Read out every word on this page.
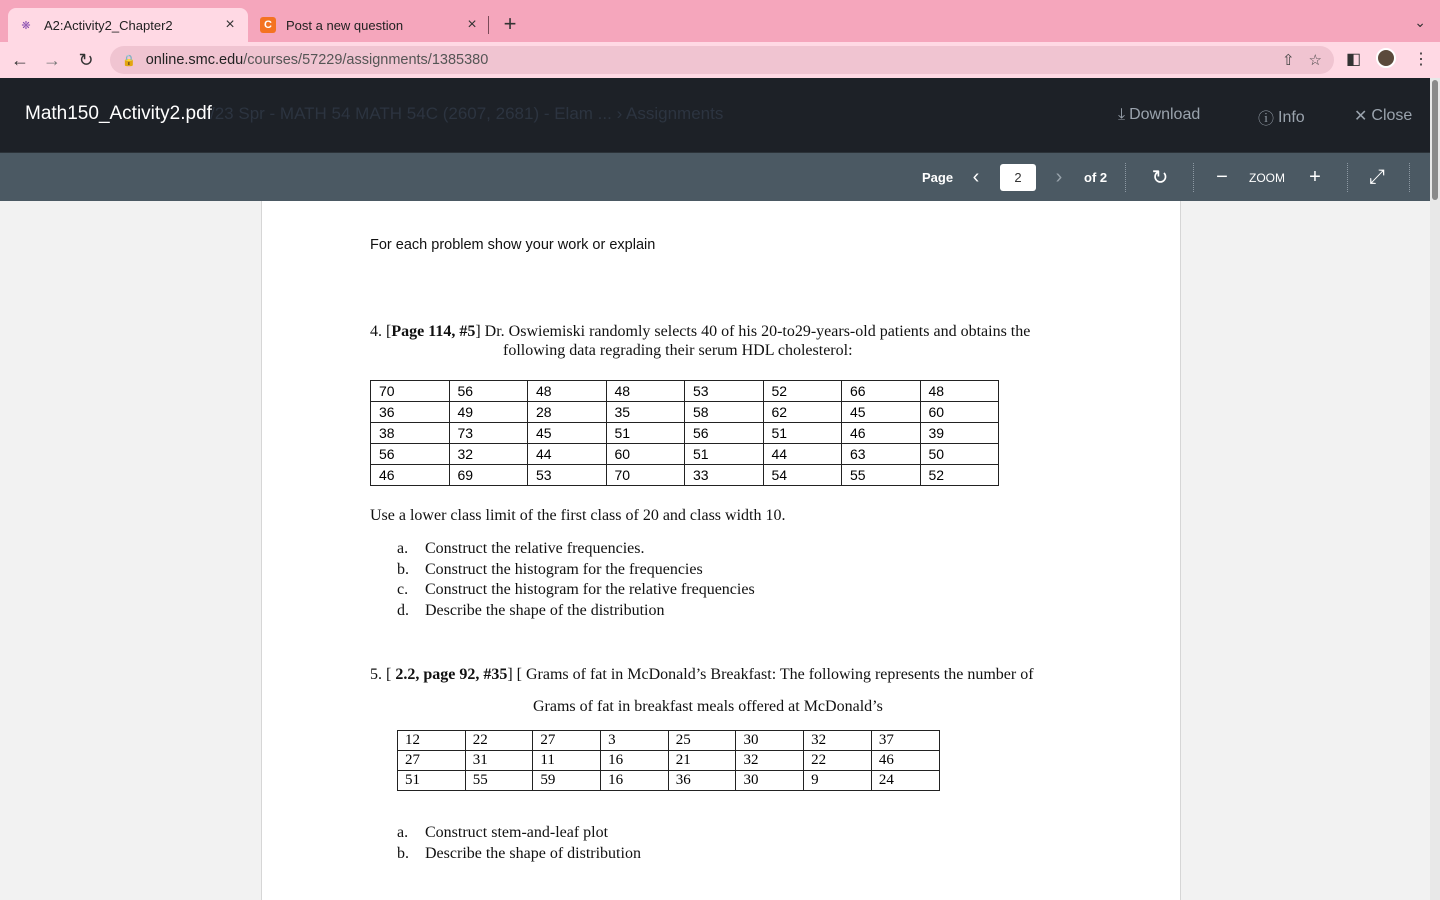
❋ A2:Activity2_Chapter2	×	C	Post a new question	× +	⌄
← → ↻	🔒 online.smc.edu /courses/57229/assignments/1385380	⇧ ☆ ◧	⋮
/23 Spr - MATH 54 MATH 54C (2607, 2681) - Elam ... › Assignments
Math150_Activity2.pdf	⤓ Download	ⓘ Info	✕ Close
Page ‹	2	›	of 2 ↻	−	ZOOM	+	⤢
For each problem show your work or explain
4. [Page 114, #5] Dr. Oswiemiski randomly selects 40 of his 20-to29-years-old patients and obtains the
following data regrading their serum HDL cholesterol:
70	56	48	48	53	52	66	48
36	49	28	35	58	62	45	60
38	73	45	51	56	51	46	39
56	32	44	60	51	44	63	50
46	69	53	70	33	54	55	52
Use a lower class limit of the first class of 20 and class width 10.
a.	Construct the relative frequencies.
b.	Construct the histogram for the frequencies
c.	Construct the histogram for the relative frequencies
d.	Describe the shape of the distribution
5. [ 2.2, page 92, #35] [ Grams of fat in McDonald’s Breakfast: The following represents the number of
Grams of fat in breakfast meals offered at McDonald’s
12	22	27	3	25	30	32	37
27	31	11	16	21	32	22	46
51	55	59	16	36	30	9	24
a.	Construct stem-and-leaf plot
b.	Describe the shape of distribution
